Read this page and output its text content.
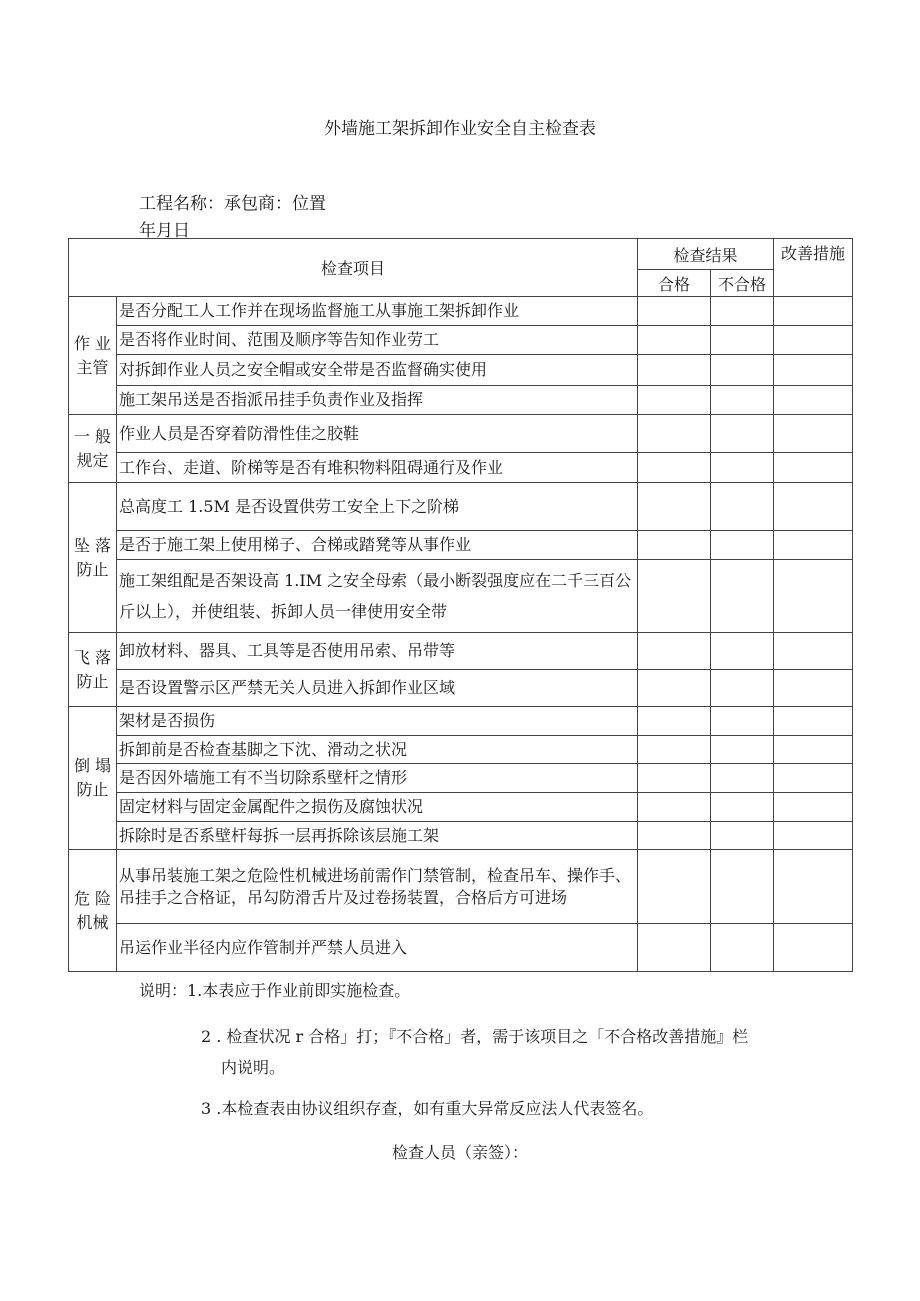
外墙施工架拆卸作业安全自主检查表
工程名称：承包商：位置
年月日
检查项目		检查结果		改善措施
		合格	不合格	

作 业
主管	是否分配工人工作并在现场监督施工从事施工架拆卸作业			
	是否将作业时间、范围及顺序等告知作业劳工			
	对拆卸作业人员之安全帽或安全带是否监督确实使用			
	施工架吊送是否指派吊挂手负责作业及指挥			

一 般
规定	作业人员是否穿着防滑性佳之胶鞋			
	工作台、走道、阶梯等是否有堆积物料阻碍通行及作业			

坠 落
防止	总高度工 1.5M 是否设置供劳工安全上下之阶梯			
	是否于施工架上使用梯子、合梯或踏凳等从事作业			
	施工架组配是否架设高 1.IM 之安全母索（最小断裂强度应在二千三百公斤以上），并使组装、拆卸人员一律使用安全带			

飞 落
防止	卸放材料、器具、工具等是否使用吊索、吊带等			
	是否设置警示区严禁无关人员进入拆卸作业区域			

倒 塌
防止	架材是否损伤			
	拆卸前是否检查基脚之下沈、滑动之状况			
	是否因外墙施工有不当切除系壁杆之情形			
	固定材料与固定金属配件之损伤及腐蚀状况			
	拆除时是否系壁杆每拆一层再拆除该层施工架			

危 险
机械	从事吊装施工架之危险性机械进场前需作门禁管制，检查吊车、操作手、吊挂手之合格证，吊勾防滑舌片及过卷扬装置，合格后方可进场			
	吊运作业半径内应作管制并严禁人员进入			
说明：1.本表应于作业前即实施检查。
2 . 检查状况 r 合格」打；『不合格」者，需于该项目之「不合格改善措施』栏
内说明。
3 .本检查表由协议组织存查，如有重大异常反应法人代表签名。
检查人员（亲签）：
